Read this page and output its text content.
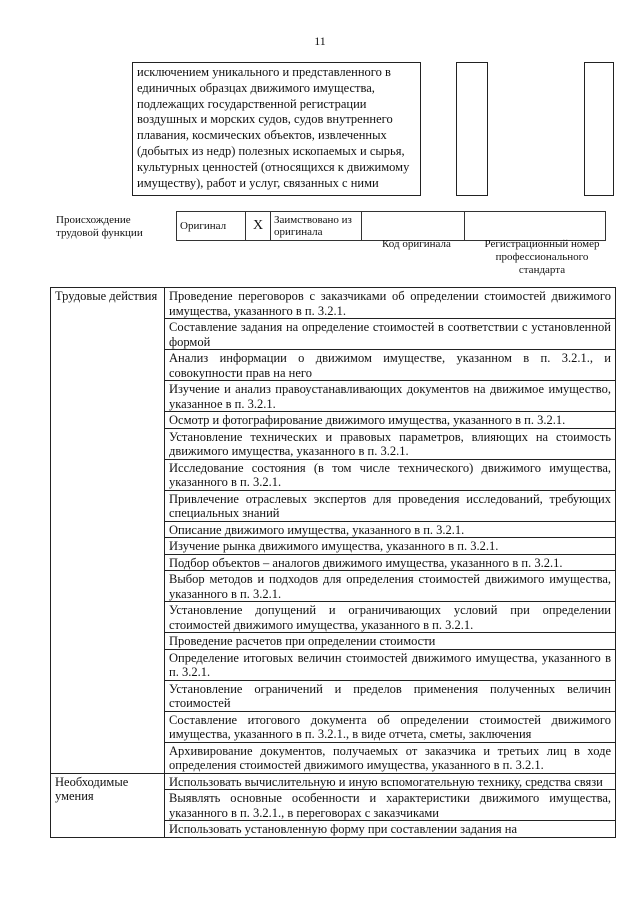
11
исключением уникального и представленного в единичных образцах движимого имущества, подлежащих государственной регистрации воздушных и морских судов, судов внутреннего плавания, космических объектов, извлеченных (добытых из недр) полезных ископаемых и сырья, культурных ценностей (относящихся к движимому имуществу), работ и услуг, связанных с ними
Происхождение трудовой функции
Оригинал	X	Заимствовано из оригинала		
Код оригинала	Регистрационный номер профессионального стандарта
Трудовые действия	Проведение переговоров с заказчиками об определении стоимостей движимого имущества, указанного в п. 3.2.1.
	Составление задания на определение стоимостей в соответствии с установленной формой
	Анализ информации о движимом имуществе, указанном в п. 3.2.1., и совокупности прав на него
	Изучение и анализ правоустанавливающих документов на движимое имущество, указанное в п. 3.2.1.
	Осмотр и фотографирование движимого имущества, указанного в п. 3.2.1.
	Установление технических и правовых параметров, влияющих на стоимость движимого имущества, указанного в п. 3.2.1.
	Исследование состояния (в том числе технического) движимого имущества, указанного в п. 3.2.1.
	Привлечение отраслевых экспертов для проведения исследований, требующих специальных знаний
	Описание движимого имущества, указанного в п. 3.2.1.
	Изучение рынка движимого имущества, указанного в п. 3.2.1.
	Подбор объектов – аналогов движимого имущества, указанного в п. 3.2.1.
	Выбор методов и подходов для определения стоимостей движимого имущества, указанного в п. 3.2.1.
	Установление допущений и ограничивающих условий при определении стоимостей движимого имущества, указанного в п. 3.2.1.
	Проведение расчетов при определении стоимости
	Определение итоговых величин стоимостей движимого имущества, указанного в п. 3.2.1.
	Установление ограничений и пределов применения полученных величин стоимостей
	Составление итогового документа об определении стоимостей движимого имущества, указанного в п. 3.2.1., в виде отчета, сметы, заключения
	Архивирование документов, получаемых от заказчика и третьих лиц в ходе определения стоимостей движимого имущества, указанного в п. 3.2.1.
Необходимые умения	Использовать вычислительную и иную вспомогательную технику, средства связи
	Выявлять основные особенности и характеристики движимого имущества, указанного в п. 3.2.1., в переговорах с заказчиками
	Использовать установленную форму при составлении задания на
